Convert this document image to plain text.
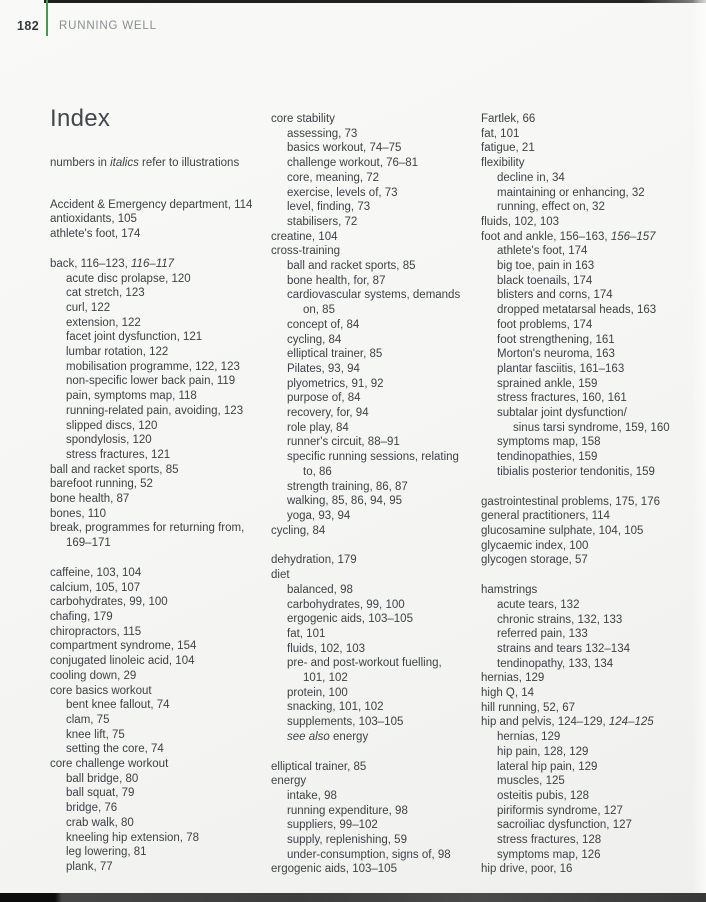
182 RUNNING WELL
Index

numbers in italics refer to illustrations

Accident & Emergency department, 114
antioxidants, 105
athlete's foot, 174
back, 116–123, 116–117
acute disc prolapse, 120
cat stretch, 123
curl, 122
extension, 122
facet joint dysfunction, 121
lumbar rotation, 122
mobilisation programme, 122, 123
non-specific lower back pain, 119
pain, symptoms map, 118
running-related pain, avoiding, 123
slipped discs, 120
spondylosis, 120
stress fractures, 121
ball and racket sports, 85
barefoot running, 52
bone health, 87
bones, 110
break, programmes for returning from,
169–171
caffeine, 103, 104
calcium, 105, 107
carbohydrates, 99, 100
chafing, 179
chiropractors, 115
compartment syndrome, 154
conjugated linoleic acid, 104
cooling down, 29
core basics workout
bent knee fallout, 74
clam, 75
knee lift, 75
setting the core, 74
core challenge workout
ball bridge, 80
ball squat, 79
bridge, 76
crab walk, 80
kneeling hip extension, 78
leg lowering, 81
plank, 77
core stability
assessing, 73
basics workout, 74–75
challenge workout, 76–81
core, meaning, 72
exercise, levels of, 73
level, finding, 73
stabilisers, 72
creatine, 104
cross-training
ball and racket sports, 85
bone health, for, 87
cardiovascular systems, demands
on, 85
concept of, 84
cycling, 84
elliptical trainer, 85
Pilates, 93, 94
plyometrics, 91, 92
purpose of, 84
recovery, for, 94
role play, 84
runner's circuit, 88–91
specific running sessions, relating
to, 86
strength training, 86, 87
walking, 85, 86, 94, 95
yoga, 93, 94
cycling, 84
dehydration, 179
diet
balanced, 98
carbohydrates, 99, 100
ergogenic aids, 103–105
fat, 101
fluids, 102, 103
pre- and post-workout fuelling,
101, 102
protein, 100
snacking, 101, 102
supplements, 103–105
see also energy
elliptical trainer, 85
energy
intake, 98
running expenditure, 98
suppliers, 99–102
supply, replenishing, 59
under-consumption, signs of, 98
ergogenic aids, 103–105
Fartlek, 66
fat, 101
fatigue, 21
flexibility
decline in, 34
maintaining or enhancing, 32
running, effect on, 32
fluids, 102, 103
foot and ankle, 156–163, 156–157
athlete's foot, 174
big toe, pain in 163
black toenails, 174
blisters and corns, 174
dropped metatarsal heads, 163
foot problems, 174
foot strengthening, 161
Morton's neuroma, 163
plantar fasciitis, 161–163
sprained ankle, 159
stress fractures, 160, 161
subtalar joint dysfunction/
sinus tarsi syndrome, 159, 160
symptoms map, 158
tendinopathies, 159
tibialis posterior tendonitis, 159
gastrointestinal problems, 175, 176
general practitioners, 114
glucosamine sulphate, 104, 105
glycaemic index, 100
glycogen storage, 57
hamstrings
acute tears, 132
chronic strains, 132, 133
referred pain, 133
strains and tears 132–134
tendinopathy, 133, 134
hernias, 129
high Q, 14
hill running, 52, 67
hip and pelvis, 124–129, 124–125
hernias, 129
hip pain, 128, 129
lateral hip pain, 129
muscles, 125
osteitis pubis, 128
piriformis syndrome, 127
sacroiliac dysfunction, 127
stress fractures, 128
symptoms map, 126
hip drive, poor, 16
